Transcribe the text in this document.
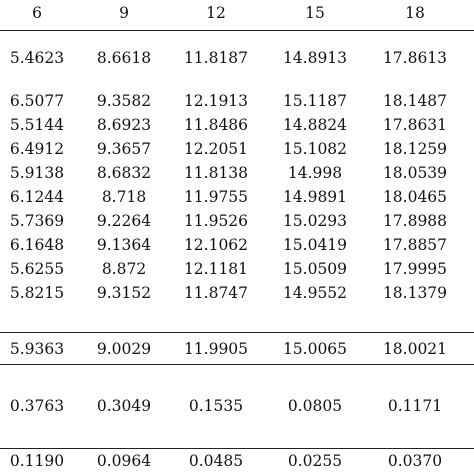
6	9	12	15	18
5.4623	8.6618	11.8187	14.8913	17.8613
6.5077	9.3582	12.1913	15.1187	18.1487
5.5144	8.6923	11.8486	14.8824	17.8631
6.4912	9.3657	12.2051	15.1082	18.1259
5.9138	8.6832	11.8138	14.998	18.0539
6.1244	8.718	11.9755	14.9891	18.0465
5.7369	9.2264	11.9526	15.0293	17.8988
6.1648	9.1364	12.1062	15.0419	17.8857
5.6255	8.872	12.1181	15.0509	17.9995
5.8215	9.3152	11.8747	14.9552	18.1379
5.9363	9.0029	11.9905	15.0065	18.0021
0.3763	0.3049	0.1535	0.0805	0.1171
0.1190	0.0964	0.0485	0.0255	0.0370
